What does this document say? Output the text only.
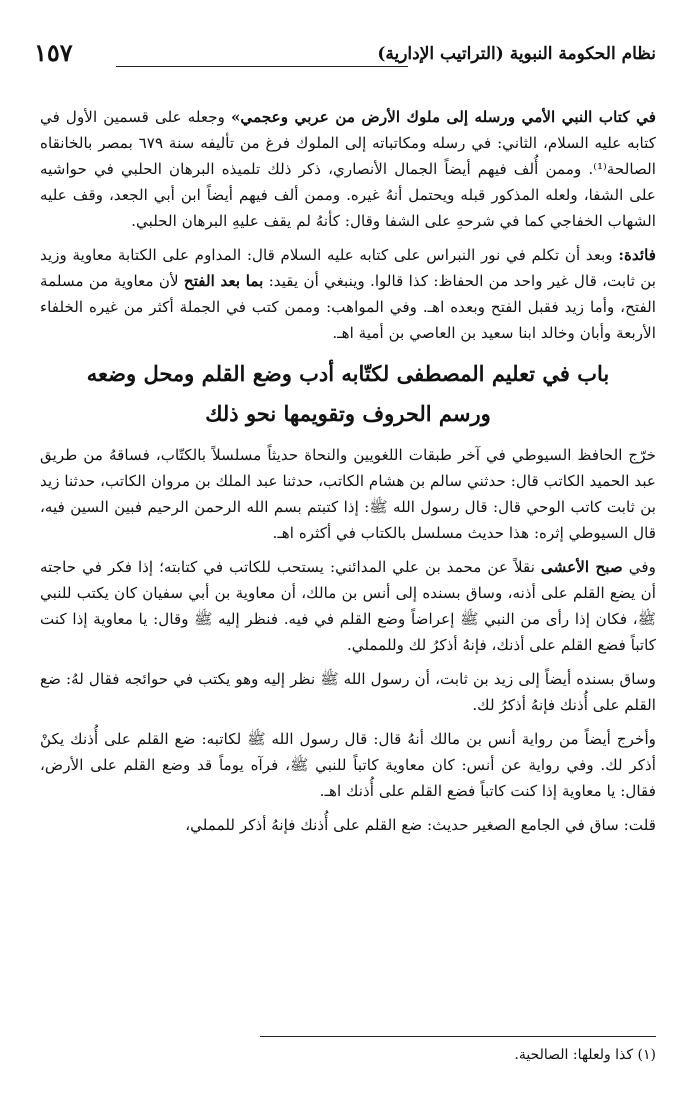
نظام الحكومة النبوية (التراتيب الإدارية)
١٥٧

في كتاب النبي الأمي ورسله إلى ملوك الأرض من عربي وعجمي» وجعله على قسمين الأول في كتابه عليه السلام، الثاني: في رسله ومكاتباته إلى الملوك فرغ من تأليفه سنة ٦٧٩ بمصر بالخانقاه الصالحة⁽¹⁾. وممن أُلف فيهم أيضاً الجمال الأنصاري، ذكر ذلك تلميذه البرهان الحلبي في حواشيه على الشفا، ولعله المذكور قبله ويحتمل أنهُ غيره. وممن ألف فيهم أيضاً ابن أبي الجعد، وقف عليه الشهاب الخفاجي كما في شرحهِ على الشفا وقال: كأنهُ لم يقف عليهِ البرهان الحلبي.

فائدة: وبعد أن تكلم في نور النبراس على كتابه عليه السلام قال: المداوم على الكتابة معاوية وزيد بن ثابت، قال غير واحد من الحفاظ: كذا قالوا. وينبغي أن يقيد: بما بعد الفتح لأن معاوية من مسلمة الفتح، وأما زيد فقبل الفتح وبعده اهـ. وفي المواهب: وممن كتب في الجملة أكثر من غيره الخلفاء الأربعة وأبان وخالد ابنا سعيد بن العاصي بن أمية اهـ.

باب في تعليم المصطفى لكتّابه أدب وضع القلم ومحل وضعه
ورسم الحروف وتقويمها نحو ذلك

خرّج الحافظ السيوطي في آخر طبقات اللغويين والنحاة حديثاً مسلسلاً بالكتّاب، فساقهُ من طريق عبد الحميد الكاتب قال: حدثني سالم بن هشام الكاتب، حدثنا عبد الملك بن مروان الكاتب، حدثنا زيد بن ثابت كاتب الوحي قال: قال رسول الله ﷺ: إذا كتبتم بسم الله الرحمن الرحيم فبين السين فيه، قال السيوطي إثره: هذا حديث مسلسل بالكتاب في أكثره اهـ.

وفي صبح الأعشى نقلاً عن محمد بن علي المدائني: يستحب للكاتب في كتابته؛ إذا فكر في حاجته أن يضع القلم على أذنه، وساق بسنده إلى أنس بن مالك، أن معاوية بن أبي سفيان كان يكتب للنبي ﷺ، فكان إذا رأى من النبي ﷺ إعراضاً وضع القلم في فيه. فنظر إليه ﷺ وقال: يا معاوية إذا كنت كاتباً فضع القلم على أذنك، فإنهُ أذكرُ لك وللمملي.

وساق بسنده أيضاً إلى زيد بن ثابت، أن رسول الله ﷺ نظر إليه وهو يكتب في حوائجه فقال لهُ: ضع القلم على أُذنك فإنهُ أذكرُ لك.

وأخرج أيضاً من رواية أنس بن مالك أنهُ قال: قال رسول الله ﷺ لكاتبه: ضع القلم على أُذنك يكنْ أذكر لك. وفي رواية عن أنس: كان معاوية كاتباً للنبي ﷺ، فرآه يوماً قد وضع القلم على الأرض، فقال: يا معاوية إذا كنت كاتباً فضع القلم على أُذنك اهـ.

قلت: ساق في الجامع الصغير حديث: ضع القلم على أُذنك فإنهُ أذكر للمملي،

(١) كذا ولعلها: الصالحية.
